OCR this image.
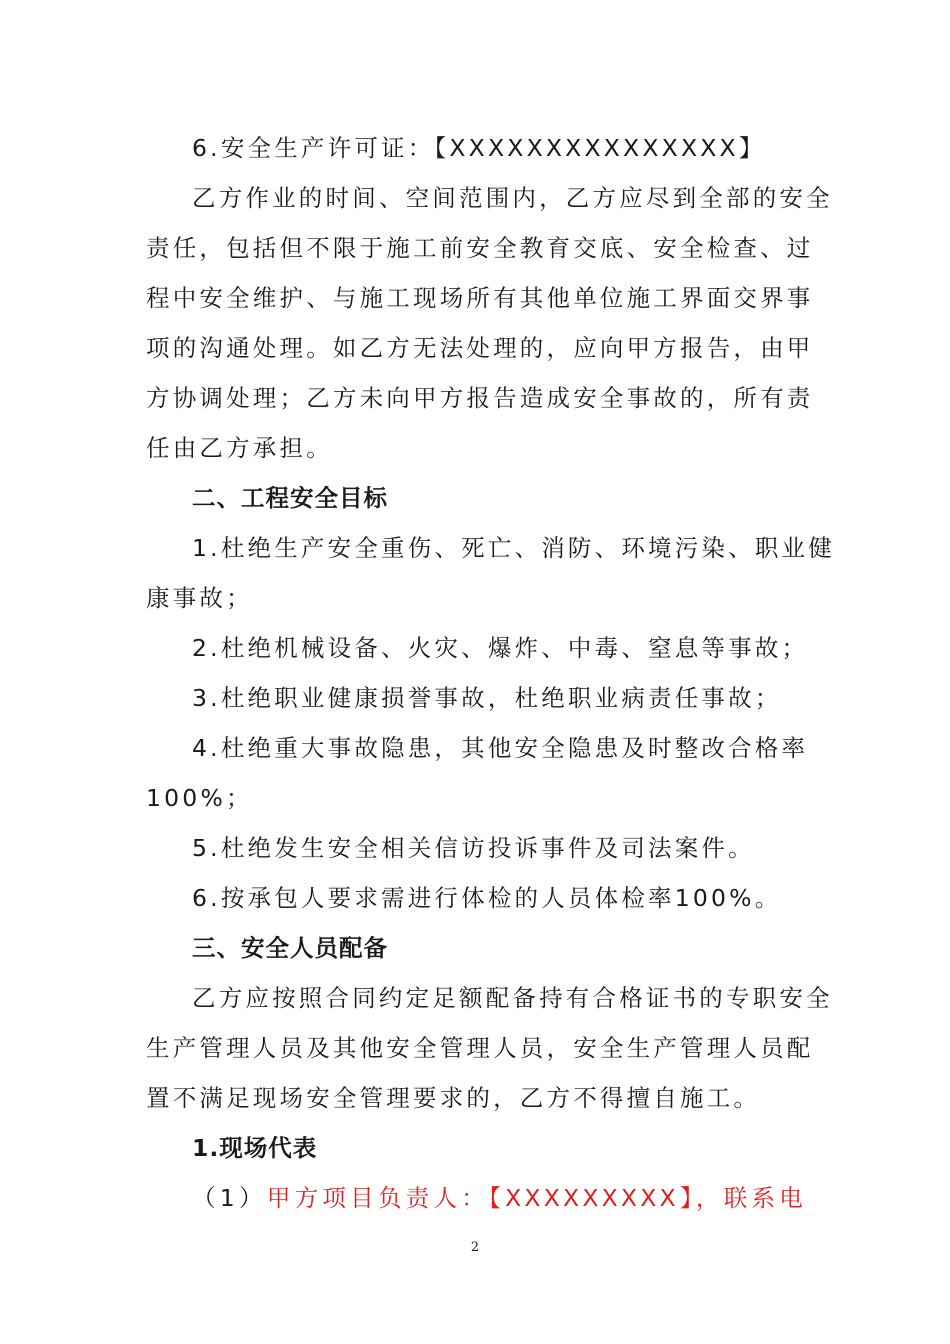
6.安全生产许可证：【XXXXXXXXXXXXXXX】
乙方作业的时间、空间范围内，乙方应尽到全部的安全
责任，包括但不限于施工前安全教育交底、安全检查、过
程中安全维护、与施工现场所有其他单位施工界面交界事
项的沟通处理。如乙方无法处理的，应向甲方报告，由甲
方协调处理；乙方未向甲方报告造成安全事故的，所有责
任由乙方承担。
二、工程安全目标
1.杜绝生产安全重伤、死亡、消防、环境污染、职业健
康事故；
2.杜绝机械设备、火灾、爆炸、中毒、窒息等事故；
3.杜绝职业健康损誉事故，杜绝职业病责任事故；
4.杜绝重大事故隐患，其他安全隐患及时整改合格率
100%；
5.杜绝发生安全相关信访投诉事件及司法案件。
6.按承包人要求需进行体检的人员体检率100%。
三、安全人员配备
乙方应按照合同约定足额配备持有合格证书的专职安全
生产管理人员及其他安全管理人员，安全生产管理人员配
置不满足现场安全管理要求的，乙方不得擅自施工。
1.现场代表
（1）甲方项目负责人：【XXXXXXXXX】，联系电
2
